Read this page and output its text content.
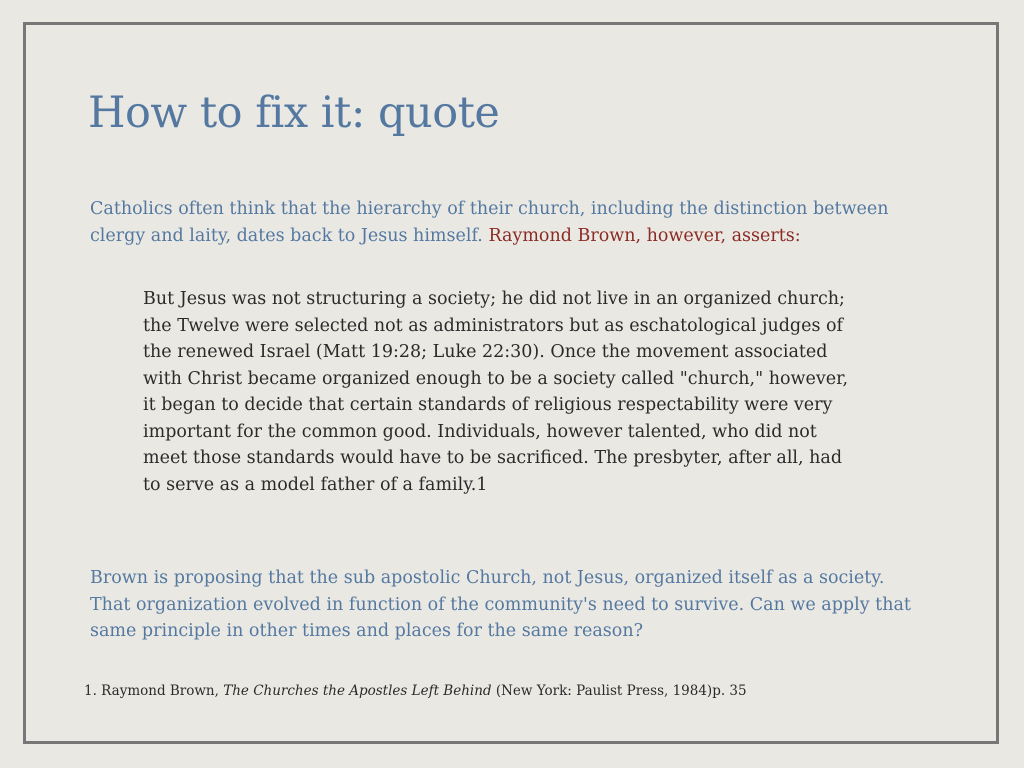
How to fix it: quote

Catholics often think that the hierarchy of their church, including the distinction between clergy and laity, dates back to Jesus himself. Raymond Brown, however, asserts:

But Jesus was not structuring a society; he did not live in an organized church; the Twelve were selected not as administrators but as eschatological judges of the renewed Israel (Matt 19:28; Luke 22:30). Once the movement associated with Christ became organized enough to be a society called "church," however, it began to decide that certain standards of religious respectability were very important for the common good. Individuals, however talented, who did not meet those standards would have to be sacrificed. The presbyter, after all, had to serve as a model father of a family.1

Brown is proposing that the sub apostolic Church, not Jesus, organized itself as a society. That organization evolved in function of the community's need to survive. Can we apply that same principle in other times and places for the same reason?

1. Raymond Brown, The Churches the Apostles Left Behind (New York: Paulist Press, 1984)p. 35
